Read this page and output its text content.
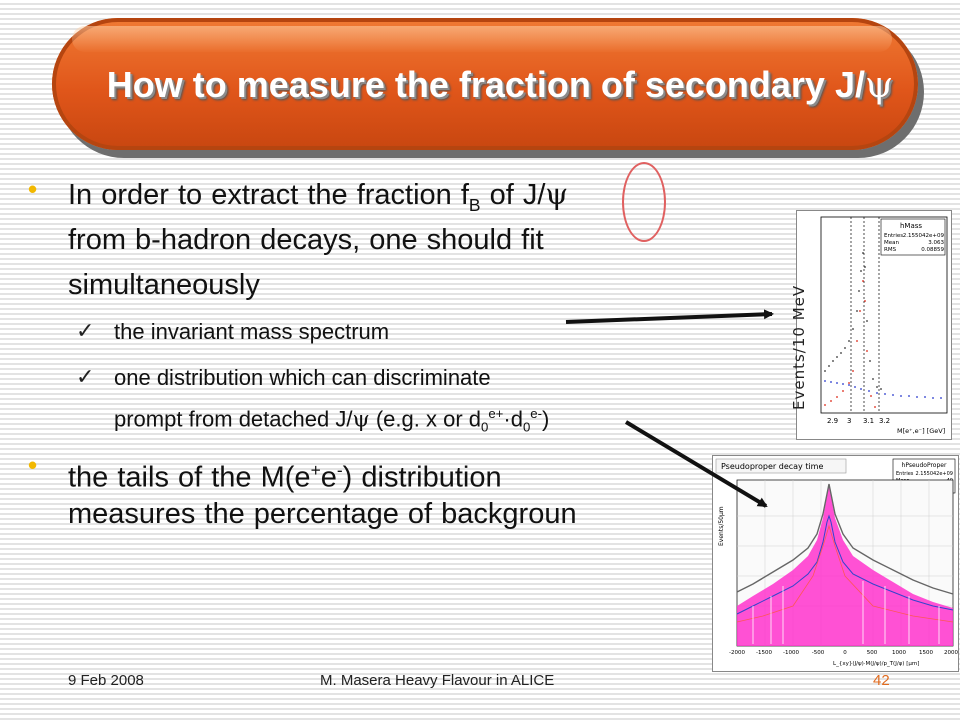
How to measure the fraction of secondary J/ψ
• In order to extract the fraction $f_B$ of J/ψ
from b-hadron decays, one should fit
simultaneously
✓ the invariant mass spectrum
✓ one distribution which can discriminate
prompt from detached J/ψ (e.g. x or $d_0^{e+}\cdot d_0^{e-}$)
• the tails of the M(e+e-) distribution
measures the percentage of backgroun
hMass
Entries 2.155042e+09
Mean	3.063
RMS	0.08859
2.9 3 3.1 3.2
M[e⁺,e⁻] [GeV]
Events/10 MeV
Pseudoproper decay time	hPseudoProper
Entries 2.155042e+09
Events/50µm
-2000 -1500 -1000 -500	0	500	1000 1500 2000
L_{xy}(J/ψ)·M(J/ψ)/p_T(J/ψ) [µm]
9 Feb 2008	M. Masera Heavy Flavour in ALICE	42
